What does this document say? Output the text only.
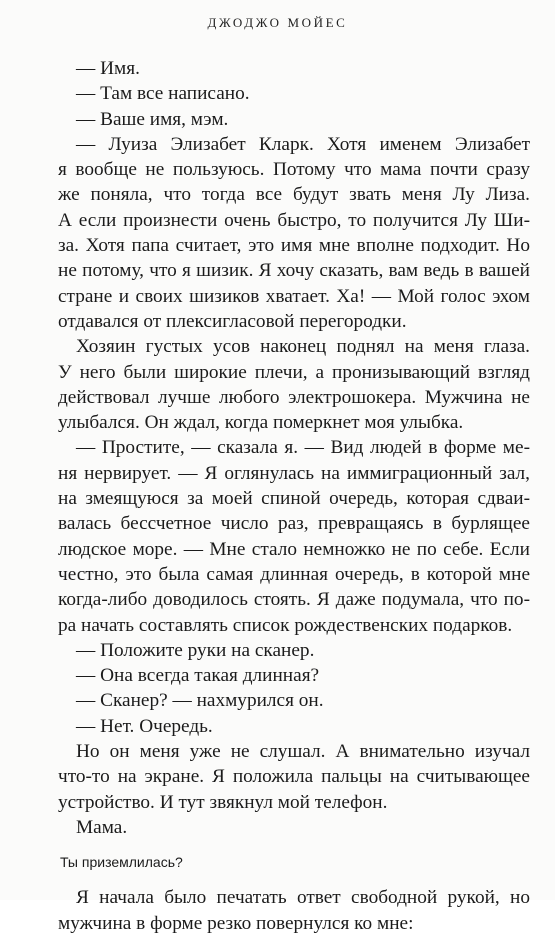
ДЖОДЖО МОЙЕС
— Имя.
— Там все написано.
— Ваше имя, мэм.
— Луиза Элизабет Кларк. Хотя именем Элизабет
я вообще не пользуюсь. Потому что мама почти сразу
же поняла, что тогда все будут звать меня Лу Лиза.
А если произнести очень быстро, то получится Лу Ши-
за. Хотя папа считает, это имя мне вполне подходит. Но
не потому, что я шизик. Я хочу сказать, вам ведь в вашей
стране и своих шизиков хватает. Ха! — Мой голос эхом
отдавался от плексигласовой перегородки.
Хозяин густых усов наконец поднял на меня глаза.
У него были широкие плечи, а пронизывающий взгляд
действовал лучше любого электрошокера. Мужчина не
улыбался. Он ждал, когда померкнет моя улыбка.
— Простите, — сказала я. — Вид людей в форме ме-
ня нервирует. — Я оглянулась на иммиграционный зал,
на змеящуюся за моей спиной очередь, которая сдваи-
валась бессчетное число раз, превращаясь в бурлящее
людское море. — Мне стало немножко не по себе. Если
честно, это была самая длинная очередь, в которой мне
когда-либо доводилось стоять. Я даже подумала, что по-
ра начать составлять список рождественских подарков.
— Положите руки на сканер.
— Она всегда такая длинная?
— Сканер? — нахмурился он.
— Нет. Очередь.
Но он меня уже не слушал. А внимательно изучал
что-то на экране. Я положила пальцы на считывающее
устройство. И тут звякнул мой телефон.
Мама.
Ты приземлилась?
Я начала было печатать ответ свободной рукой, но
мужчина в форме резко повернулся ко мне:
